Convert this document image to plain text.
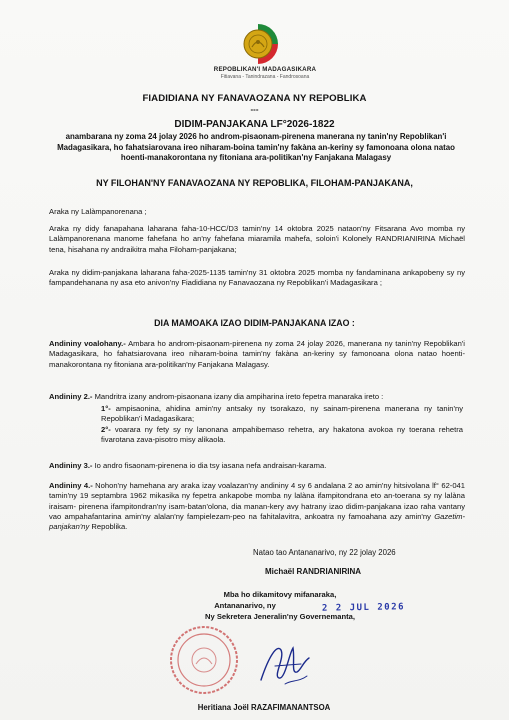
REPOBLIKAN'I MADAGASIKARA
Fitiavana - Tanindrazana - Fandrosoana
FIADIDIANA NY FANAVAOZANA NY REPOBLIKA
---
DIDIM-PANJAKANA LF°2026-1822
anambarana ny zoma 24 jolay 2026 ho androm-pisaonam-pirenena manerana ny tanin'ny Repoblikan'i Madagasikara, ho fahatsiarovana ireo niharam-boina tamin'ny fakàna an-keriny sy famonoana olona natao hoenti-manakorontana ny fitoniana ara-politikan'ny Fanjakana Malagasy
NY FILOHAN'NY FANAVAOZANA NY REPOBLIKA, FILOHAM-PANJAKANA,
Araka ny Lalàmpanorenana ;
Araka ny didy fanapahana laharana faha-10-HCC/D3 tamin'ny 14 oktobra 2025 nataon'ny Fitsarana Avo momba ny Lalàmpanorenana manome fahefana ho an'ny fahefana miaramila mahefa, soloin'i Kolonely RANDRIANIRINA Michaël tena, hisahana ny andraikitra maha Filoham-panjakana;
Araka ny didim-panjakana laharana faha-2025-1135 tamin'ny 31 oktobra 2025 momba ny fandaminana ankapobeny sy ny fampandehanana ny asa eto anivon'ny Fiadidiana ny Fanavaozana ny Repoblikan'i Madagasikara ;
DIA MAMOAKA IZAO DIDIM-PANJAKANA IZAO :
Andininy voalohany.- Ambara ho androm-pisaonam-pirenena ny zoma 24 jolay 2026, manerana ny tanin'ny Repoblikan'i Madagasikara, ho fahatsiarovana ireo niharam-boina tamin'ny fakàna an-keriny sy famonoana olona natao hoenti-manakorontana ny fitoniana ara-politikan'ny Fanjakana Malagasy.
Andininy 2.- Mandritra izany androm-pisaonana izany dia ampiharina ireto fepetra manaraka ireto :
1°- ampisaonina, ahidina amin'ny antsaky ny tsorakazo, ny sainam-pirenena manerana ny tanin'ny Repoblikan'i Madagasikara;
2°- voarara ny fety sy ny lanonana ampahibemaso rehetra, ary hakatona avokoa ny toerana rehetra fivarotana zava-pisotro misy alikaola.
Andininy 3.- Io andro fisaonam-pirenena io dia tsy iasana nefa andraisan-karama.
Andininy 4.- Nohon'ny hamehana ary araka izay voalazan'ny andininy 4 sy 6 andalana 2 ao amin'ny hitsivolana lf° 62-041 tamin'ny 19 septambra 1962 mikasika ny fepetra ankapobe momba ny lalàna ifampitondrana eto an-toerana sy ny lalàna iraisam- pirenena ifampitondran'ny isam-batan'olona, dia manan-kery avy hatrany izao didim-panjakana izao raha vantany vao ampahafantarina amin'ny alalan'ny fampielezam-peo na fahitalavitra, ankoatra ny famoahana azy amin'ny Gazetim-panjakan'ny Repoblika.
Natao tao Antananarivo, ny 22 jolay 2026
Michaël RANDRIANIRINA
Mba ho dikamitovy mifanaraka,
Antananarivo, ny
Ny Sekretera Jeneralin'ny Governemanta,
2 2 JUL 2026
Heritiana Joël RAZAFIMANANTSOA
